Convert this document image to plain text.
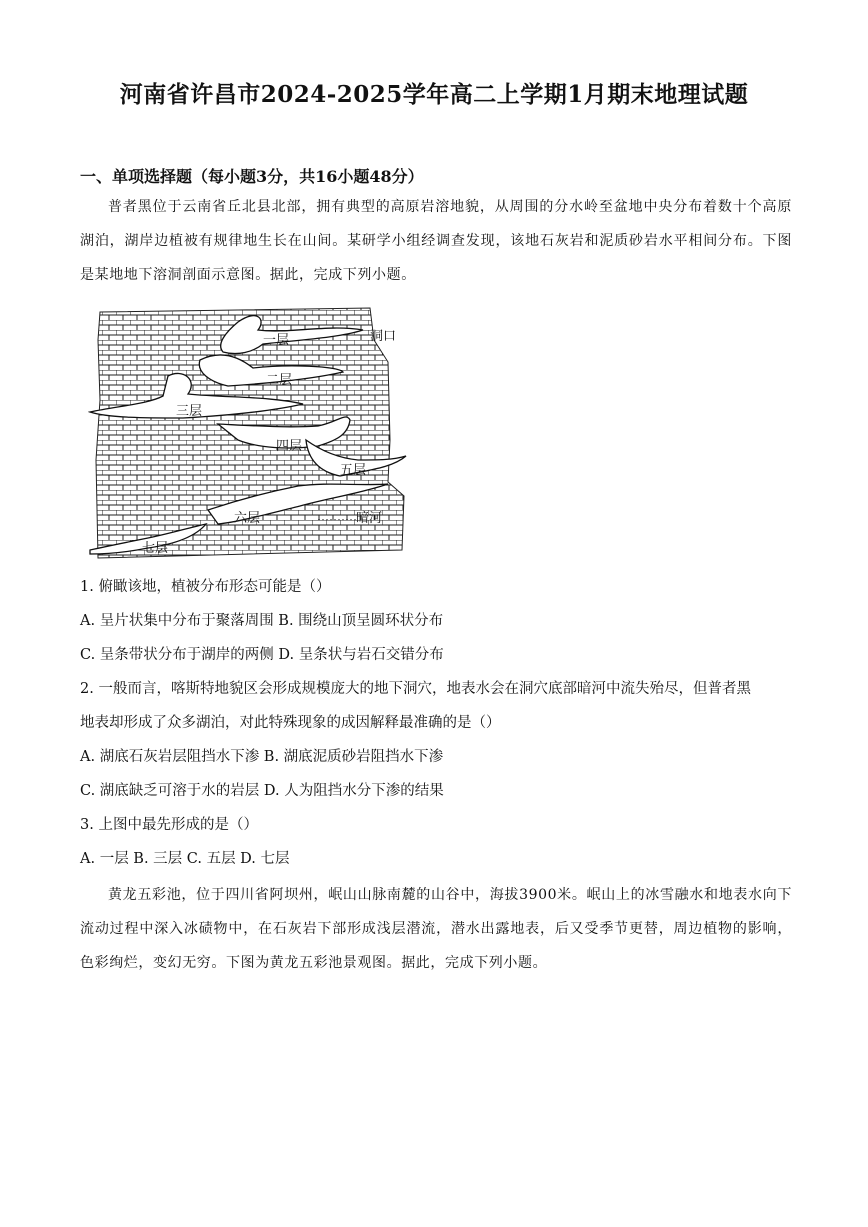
河南省许昌市2024-2025学年高二上学期1月期末地理试题
一、单项选择题（每小题3分，共16小题48分）
普者黑位于云南省丘北县北部，拥有典型的高原岩溶地貌，从周围的分水岭至盆地中央分布着数十个高原湖泊，湖岸边植被有规律地生长在山间。某研学小组经调查发现，该地石灰岩和泥质砂岩水平相间分布。下图是某地地下溶洞剖面示意图。据此，完成下列小题。
洞口
一层
二层
三层
四层
五层
六层	暗河
七层
1. 俯瞰该地，植被分布形态可能是（）
A. 呈片状集中分布于聚落周围 B. 围绕山顶呈圆环状分布
C. 呈条带状分布于湖岸的两侧 D. 呈条状与岩石交错分布
2. 一般而言，喀斯特地貌区会形成规模庞大的地下洞穴，地表水会在洞穴底部暗河中流失殆尽，但普者黑
地表却形成了众多湖泊，对此特殊现象的成因解释最准确的是（）
A. 湖底石灰岩层阻挡水下渗 B. 湖底泥质砂岩阻挡水下渗
C. 湖底缺乏可溶于水的岩层 D. 人为阻挡水分下渗的结果
3. 上图中最先形成的是（）
A. 一层 B. 三层 C. 五层 D. 七层
黄龙五彩池，位于四川省阿坝州，岷山山脉南麓的山谷中，海拔3900米。岷山上的冰雪融水和地表水向下流动过程中深入冰碛物中，在石灰岩下部形成浅层潜流，潜水出露地表，后又受季节更替，周边植物的影响，色彩绚烂，变幻无穷。下图为黄龙五彩池景观图。据此，完成下列小题。
